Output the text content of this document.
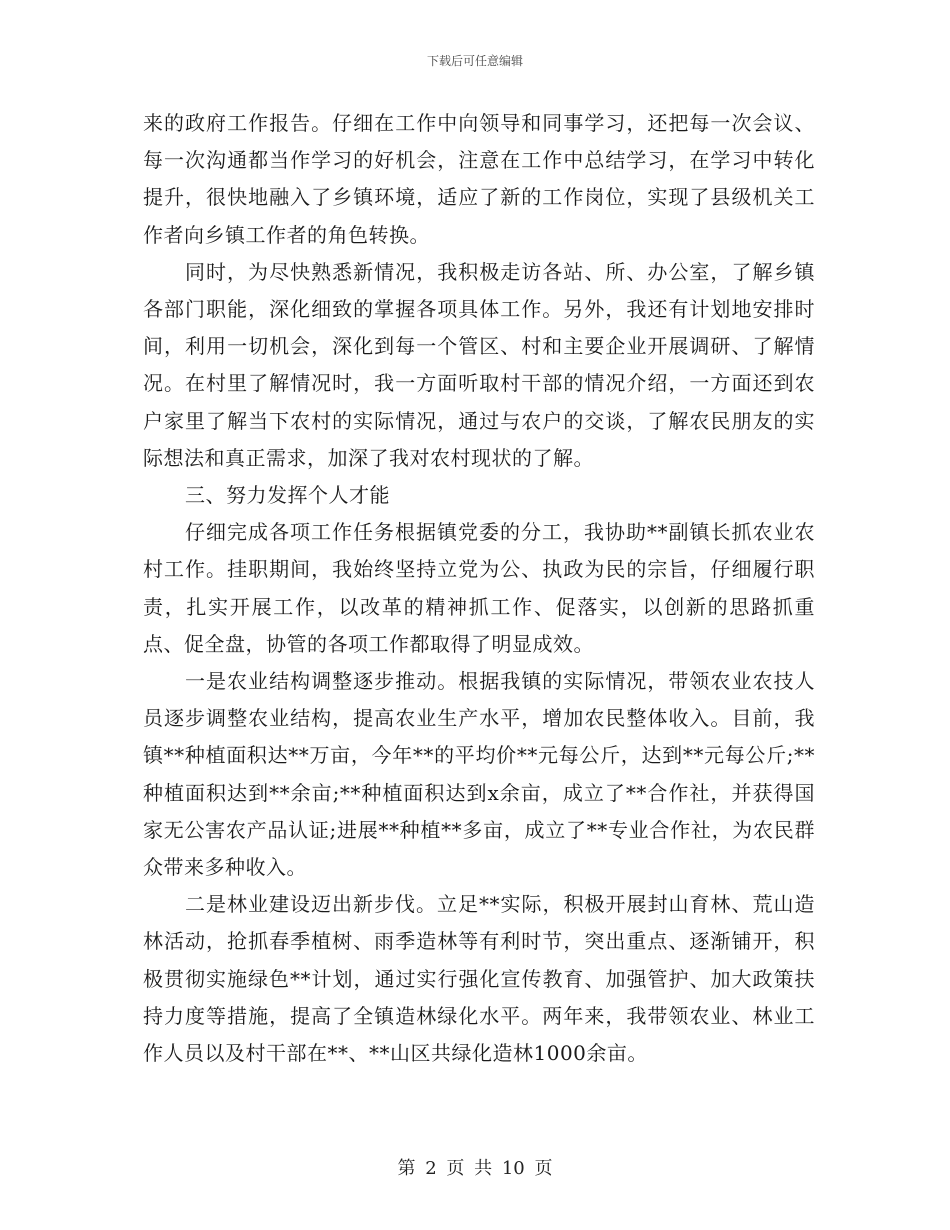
下载后可任意编辑

来的政府工作报告。仔细在工作中向领导和同事学习，还把每一次会议、每一次沟通都当作学习的好机会，注意在工作中总结学习，在学习中转化提升，很快地融入了乡镇环境，适应了新的工作岗位，实现了县级机关工作者向乡镇工作者的角色转换。

同时，为尽快熟悉新情况，我积极走访各站、所、办公室，了解乡镇各部门职能，深化细致的掌握各项具体工作。另外，我还有计划地安排时间，利用一切机会，深化到每一个管区、村和主要企业开展调研、了解情况。在村里了解情况时，我一方面听取村干部的情况介绍，一方面还到农户家里了解当下农村的实际情况，通过与农户的交谈，了解农民朋友的实际想法和真正需求，加深了我对农村现状的了解。

三、努力发挥个人才能

仔细完成各项工作任务根据镇党委的分工，我协助**副镇长抓农业农村工作。挂职期间，我始终坚持立党为公、执政为民的宗旨，仔细履行职责，扎实开展工作，以改革的精神抓工作、促落实，以创新的思路抓重点、促全盘，协管的各项工作都取得了明显成效。

一是农业结构调整逐步推动。根据我镇的实际情况，带领农业农技人员逐步调整农业结构，提高农业生产水平，增加农民整体收入。目前，我镇**种植面积达**万亩，今年**的平均价**元每公斤，达到**元每公斤;**种植面积达到**余亩;**种植面积达到x余亩，成立了**合作社，并获得国家无公害农产品认证;进展**种植**多亩，成立了**专业合作社，为农民群众带来多种收入。

二是林业建设迈出新步伐。立足**实际，积极开展封山育林、荒山造林活动，抢抓春季植树、雨季造林等有利时节，突出重点、逐渐铺开，积极贯彻实施绿色**计划，通过实行强化宣传教育、加强管护、加大政策扶持力度等措施，提高了全镇造林绿化水平。两年来，我带领农业、林业工作人员以及村干部在**、**山区共绿化造林1000余亩。

第 2 页 共 10 页
